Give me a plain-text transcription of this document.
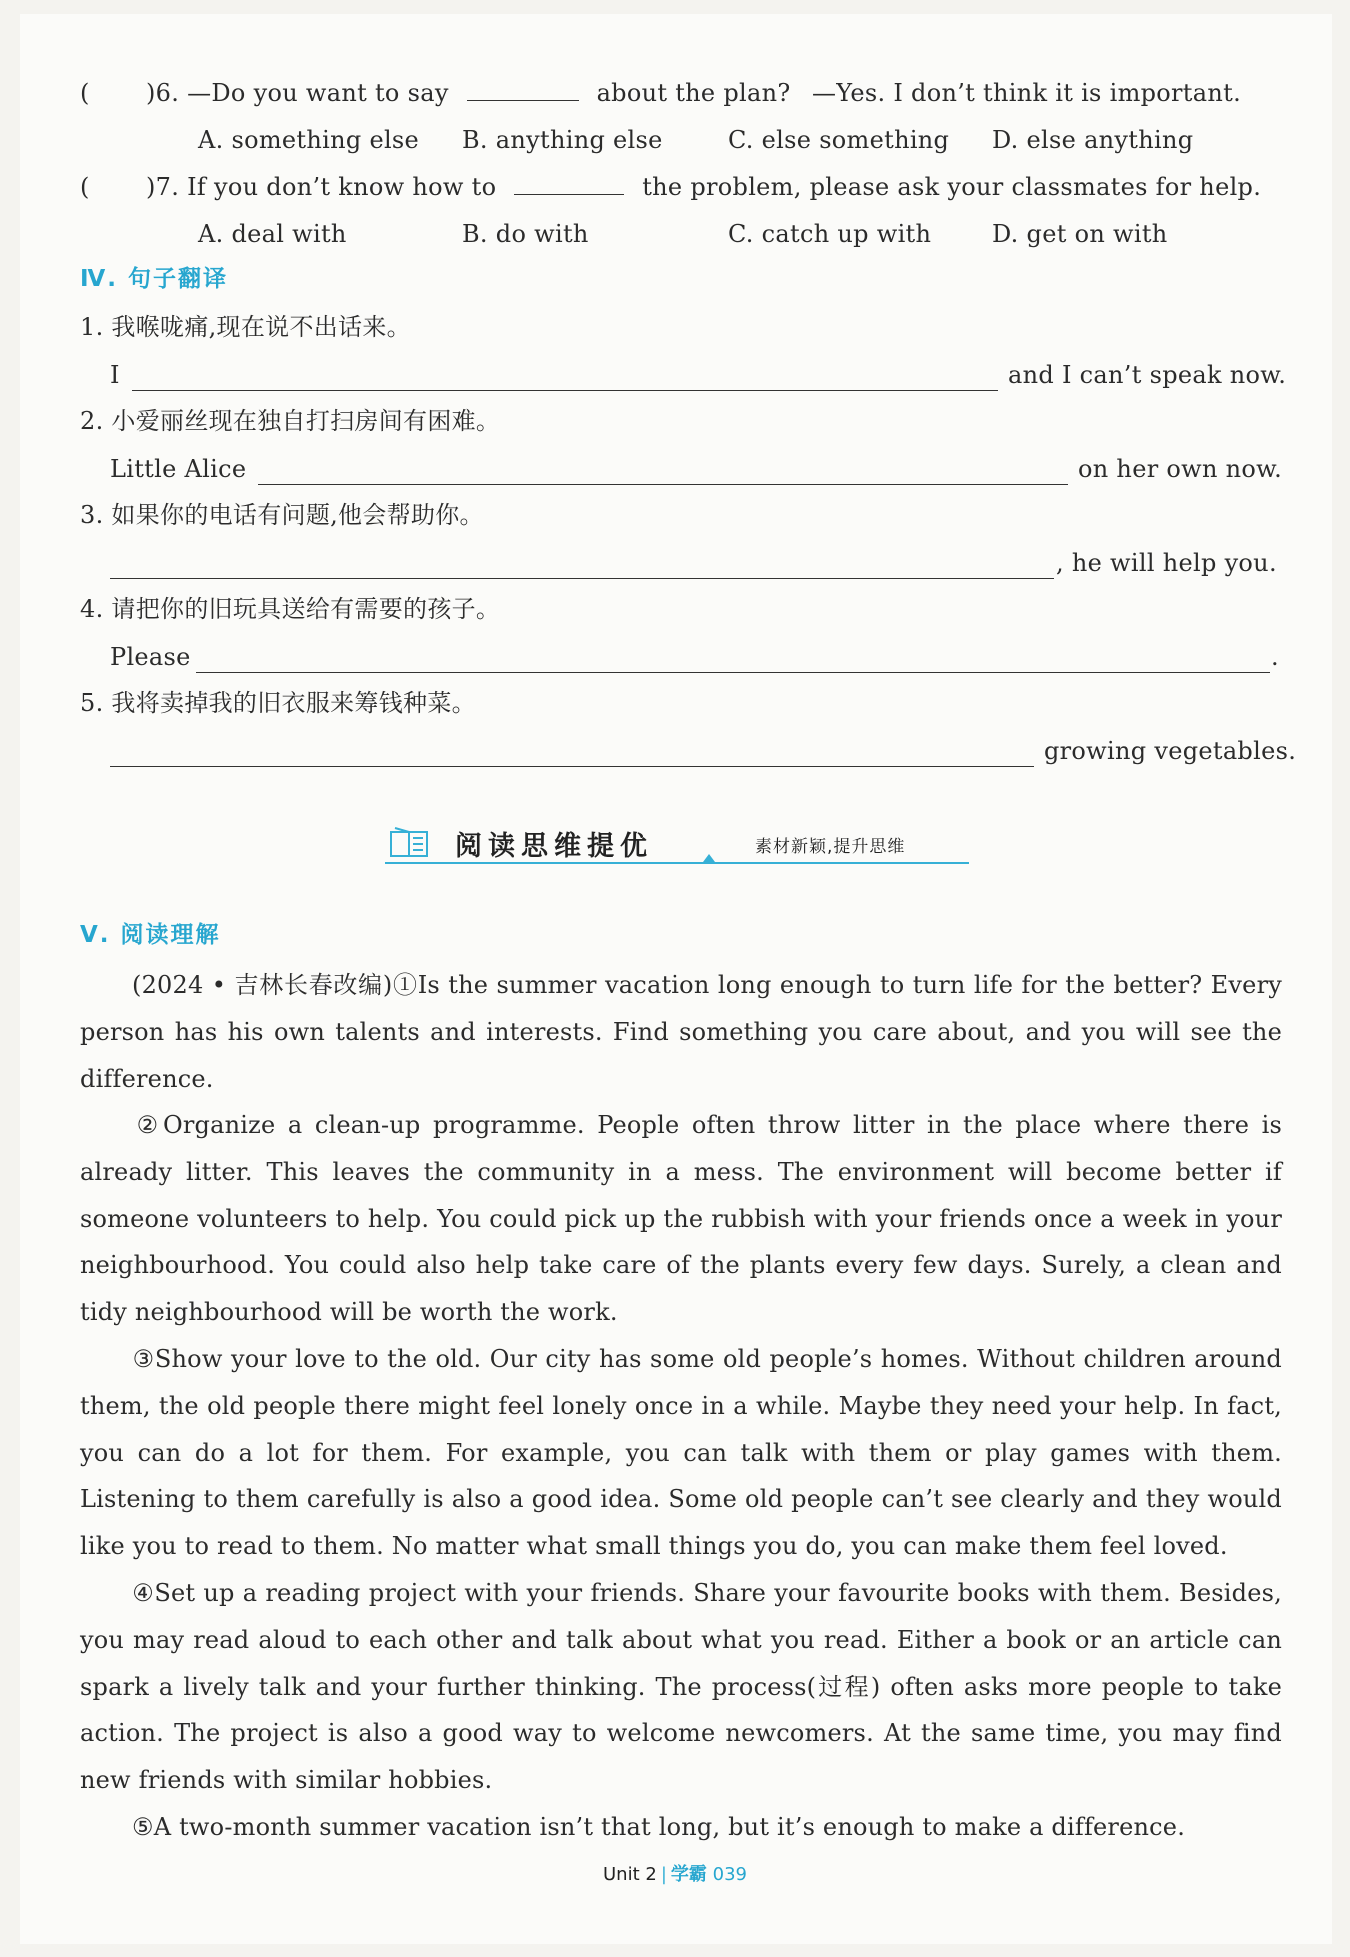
( )6. —Do you want to say	about the plan? —Yes. I don’t think it is important.
A. something else B. anything else	C. else something D. else anything
( )7. If you don’t know how to	the problem, please ask your classmates for help.
A. deal with	B. do with	C. catch up with	D. get on with
Ⅳ. 句子翻译
1. 我喉咙痛,现在说不出话来。
I	and I can’t speak now.
2. 小爱丽丝现在独自打扫房间有困难。
Little Alice	on her own now.
3. 如果你的电话有问题,他会帮助你。
, he will help you.
4. 请把你的旧玩具送给有需要的孩子。
Please	.
5. 我将卖掉我的旧衣服来筹钱种菜。
growing vegetables.
阅读思维提优	素材新颖,提升思维
Ⅴ. 阅读理解
(2024 • 吉林长春改编)①Is the summer vacation long enough to turn life for the better? Every person has his own talents and interests. Find something you care about, and you will see the difference.
②Organize a clean-up programme. People often throw litter in the place where there is already litter. This leaves the community in a mess. The environment will become better if someone volunteers to help. You could pick up the rubbish with your friends once a week in your neighbourhood. You could also help take care of the plants every few days. Surely, a clean and tidy neighbourhood will be worth the work.
③Show your love to the old. Our city has some old people’s homes. Without children around them, the old people there might feel lonely once in a while. Maybe they need your help. In fact, you can do a lot for them. For example, you can talk with them or play games with them. Listening to them carefully is also a good idea. Some old people can’t see clearly and they would like you to read to them. No matter what small things you do, you can make them feel loved.
④Set up a reading project with your friends. Share your favourite books with them. Besides, you may read aloud to each other and talk about what you read. Either a book or an article can spark a lively talk and your further thinking. The process(过程) often asks more people to take action. The project is also a good way to welcome newcomers. At the same time, you may find new friends with similar hobbies.
⑤A two-month summer vacation isn’t that long, but it’s enough to make a difference.
Unit 2 | 学霸 039
